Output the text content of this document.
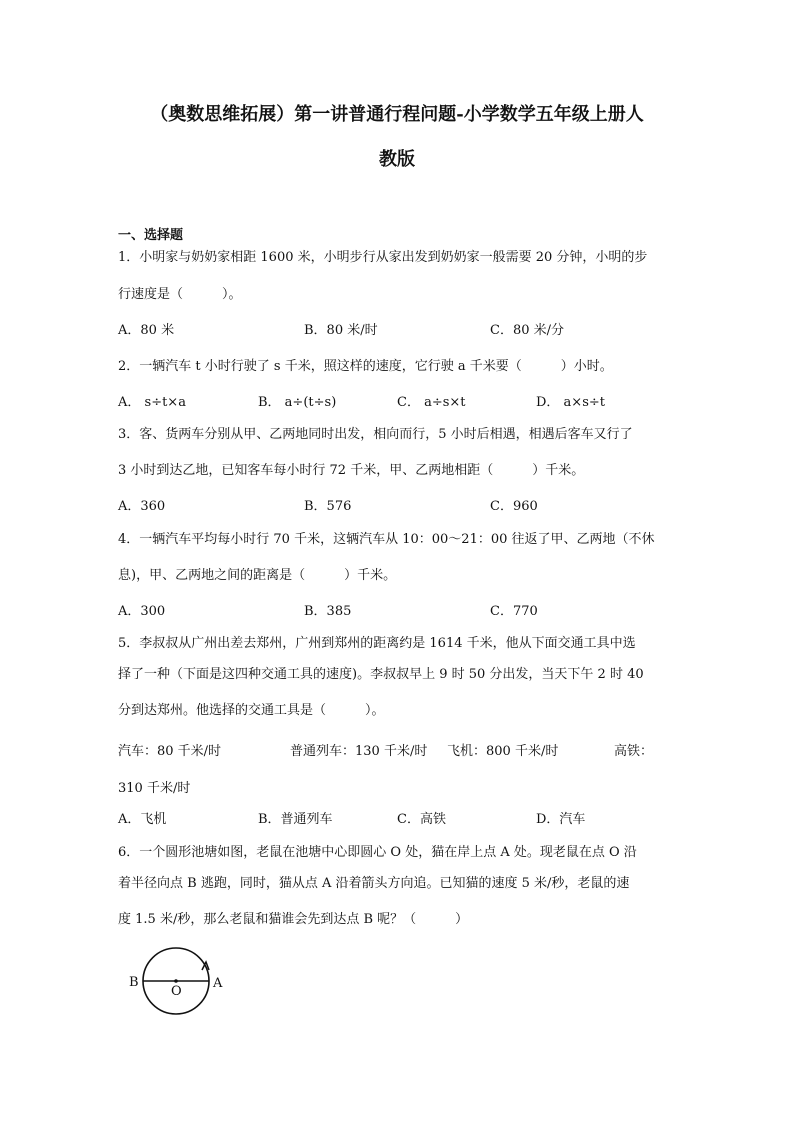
（奥数思维拓展）第一讲普通行程问题-小学数学五年级上册人
教版
一、选择题
1．小明家与奶奶家相距 1600 米，小明步行从家出发到奶奶家一般需要 20 分钟，小明的步
行速度是（　　　）。
A．80 米	B．80 米/时	C．80 米/分
2．一辆汽车 t 小时行驶了 s 千米，照这样的速度，它行驶 a 千米要（　　　）小时。
A． s÷t×a	B． a÷(t÷s)	C． a÷s×t	D． a×s÷t
3．客、货两车分别从甲、乙两地同时出发，相向而行，5 小时后相遇，相遇后客车又行了
3 小时到达乙地，已知客车每小时行 72 千米，甲、乙两地相距（　　　）千米。
A．360	B．576	C．960
4．一辆汽车平均每小时行 70 千米，这辆汽车从 10：00～21：00 往返了甲、乙两地（不休
息)，甲、乙两地之间的距离是（　　　）千米。
A．300	B．385	C．770
5．李叔叔从广州出差去郑州，广州到郑州的距离约是 1614 千米，他从下面交通工具中选
择了一种（下面是这四种交通工具的速度)。李叔叔早上 9 时 50 分出发，当天下午 2 时 40
分到达郑州。他选择的交通工具是（　　　）。
汽车：80 千米/时	普通列车：130 千米/时 飞机：800 千米/时	高铁：
310 千米/时
A．飞机	B．普通列车	C．高铁	D．汽车
6．一个圆形池塘如图，老鼠在池塘中心即圆心 O 处，猫在岸上点 A 处。现老鼠在点 O 沿
着半径向点 B 逃跑，同时，猫从点 A 沿着箭头方向追。已知猫的速度 5 米/秒，老鼠的速
度 1.5 米/秒，那么老鼠和猫谁会先到达点 B 呢？（　　　）
B
O
A
